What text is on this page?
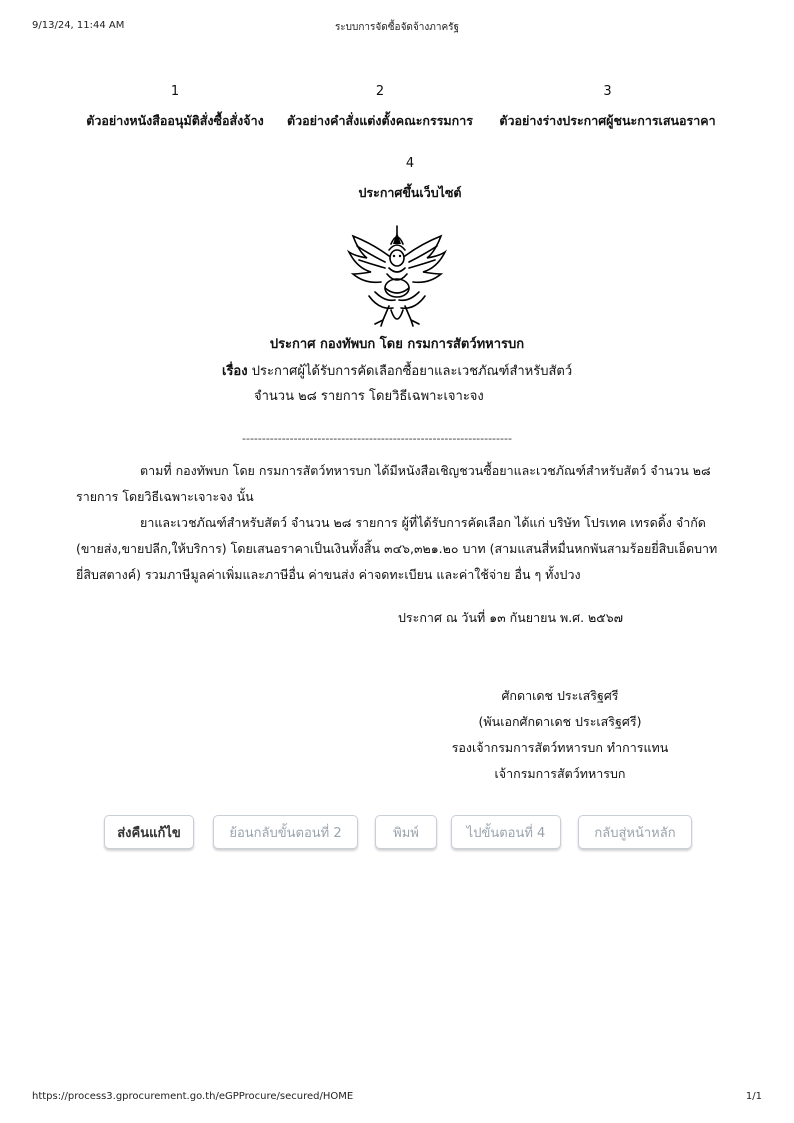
9/13/24, 11:44 AM	ระบบการจัดซื้อจัดจ้างภาครัฐ
1
ตัวอย่างหนังสืออนุมัติสั่งซื้อสั่งจ้าง
2
ตัวอย่างคำสั่งแต่งตั้งคณะกรรมการ
3
ตัวอย่างร่างประกาศผู้ชนะการเสนอราคา
4
ประกาศขึ้นเว็บไซต์
ประกาศ กองทัพบก โดย กรมการสัตว์ทหารบก
เรื่อง ประกาศผู้ได้รับการคัดเลือกซื้อยาและเวชภัณฑ์สำหรับสัตว์
จำนวน ๒๘ รายการ โดยวิธีเฉพาะเจาะจง
--------------------------------------------------------------------
ตามที่ กองทัพบก โดย กรมการสัตว์ทหารบก ได้มีหนังสือเชิญชวนซื้อยาและเวชภัณฑ์สำหรับสัตว์ จำนวน ๒๘ รายการ โดยวิธีเฉพาะเจาะจง นั้น
ยาและเวชภัณฑ์สำหรับสัตว์ จำนวน ๒๘ รายการ ผู้ที่ได้รับการคัดเลือก ได้แก่ บริษัท โปรเทค เทรดดิ้ง จำกัด (ขายส่ง,ขายปลีก,ให้บริการ) โดยเสนอราคาเป็นเงินทั้งสิ้น ๓๔๖,๓๒๑.๒๐ บาท (สามแสนสี่หมื่นหกพันสามร้อยยี่สิบเอ็ดบาทยี่สิบสตางค์) รวมภาษีมูลค่าเพิ่มและภาษีอื่น ค่าขนส่ง ค่าจดทะเบียน และค่าใช้จ่าย อื่น ๆ ทั้งปวง
ประกาศ ณ วันที่ ๑๓ กันยายน พ.ศ. ๒๕๖๗
ศักดาเดช ประเสริฐศรี
(พันเอกศักดาเดช ประเสริฐศรี)
รองเจ้ากรมการสัตว์ทหารบก ทำการแทน
เจ้ากรมการสัตว์ทหารบก
ส่งคืนแก้ไข	ย้อนกลับขั้นตอนที่ 2	พิมพ์	ไปขั้นตอนที่ 4	กลับสู่หน้าหลัก
https://process3.gprocurement.go.th/eGPProcure/secured/HOME	1/1
